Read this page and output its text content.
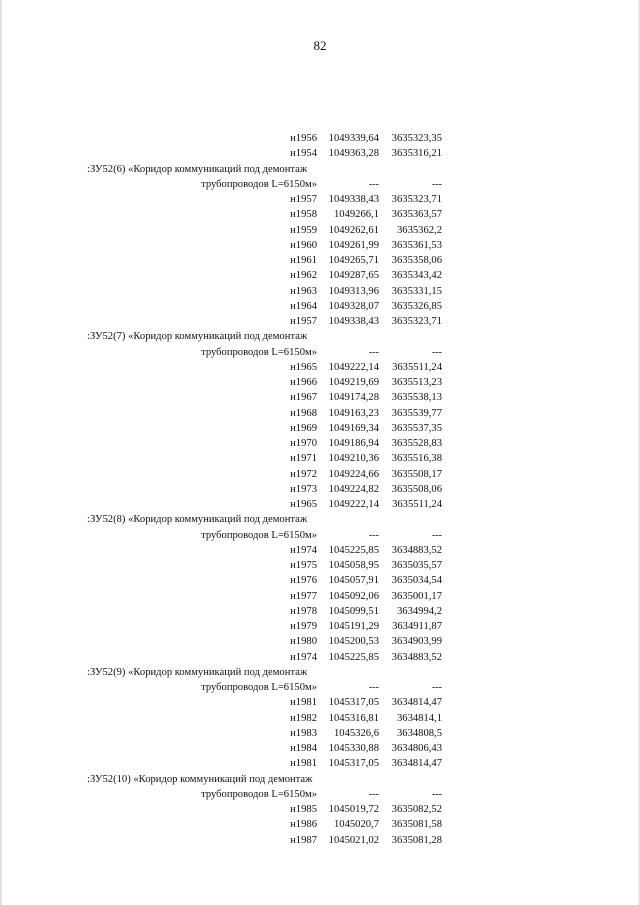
82
н1956 1049339,64 3635323,35
н1954 1049363,28 3635316,21
:ЗУ52(6) «Коридор коммуникаций под демонтаж
трубопроводов L=6150м»	---	---
н1957 1049338,43 3635323,71
н1958 1049266,1 3635363,57
н1959 1049262,61 3635362,2
н1960 1049261,99 3635361,53
н1961 1049265,71 3635358,06
н1962 1049287,65 3635343,42
н1963 1049313,96 3635331,15
н1964 1049328,07 3635326,85
н1957 1049338,43 3635323,71
:ЗУ52(7) «Коридор коммуникаций под демонтаж
трубопроводов L=6150м»	---	---
н1965 1049222,14 3635511,24
н1966 1049219,69 3635513,23
н1967 1049174,28 3635538,13
н1968 1049163,23 3635539,77
н1969 1049169,34 3635537,35
н1970 1049186,94 3635528,83
н1971 1049210,36 3635516,38
н1972 1049224,66 3635508,17
н1973 1049224,82 3635508,06
н1965 1049222,14 3635511,24
:ЗУ52(8) «Коридор коммуникаций под демонтаж
трубопроводов L=6150м»	---	---
н1974 1045225,85 3634883,52
н1975 1045058,95 3635035,57
н1976 1045057,91 3635034,54
н1977 1045092,06 3635001,17
н1978 1045099,51 3634994,2
н1979 1045191,29 3634911,87
н1980 1045200,53 3634903,99
н1974 1045225,85 3634883,52
:ЗУ52(9) «Коридор коммуникаций под демонтаж
трубопроводов L=6150м»	---	---
н1981 1045317,05 3634814,47
н1982 1045316,81 3634814,1
н1983 1045326,6 3634808,5
н1984 1045330,88 3634806,43
н1981 1045317,05 3634814,47
:ЗУ52(10) «Коридор коммуникаций под демонтаж
трубопроводов L=6150м»	---	---
н1985 1045019,72 3635082,52
н1986 1045020,7 3635081,58
н1987 1045021,02 3635081,28
